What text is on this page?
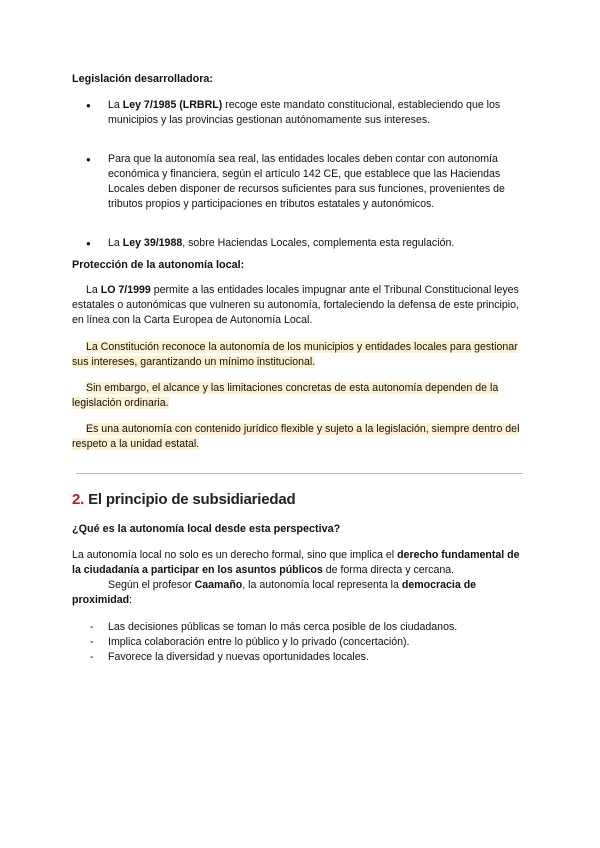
Legislación desarrolladora:
● La Ley 7/1985 (LRBRL) recoge este mandato constitucional, estableciendo que los municipios y las provincias gestionan autónomamente sus intereses.
● Para que la autonomía sea real, las entidades locales deben contar con autonomía económica y financiera, según el artículo 142 CE, que establece que las Haciendas Locales deben disponer de recursos suficientes para sus funciones, provenientes de tributos propios y participaciones en tributos estatales y autonómicos.
● La Ley 39/1988, sobre Haciendas Locales, complementa esta regulación.
Protección de la autonomía local:

La LO 7/1999 permite a las entidades locales impugnar ante el Tribunal Constitucional leyes estatales o autonómicas que vulneren su autonomía, fortaleciendo la defensa de este principio, en línea con la Carta Europea de Autonomía Local.

La Constitución reconoce la autonomía de los municipios y entidades locales para gestionar sus intereses, garantizando un mínimo institucional.

Sin embargo, el alcance y las limitaciones concretas de esta autonomía dependen de la legislación ordinaria.

Es una autonomía con contenido jurídico flexible y sujeto a la legislación, siempre dentro del respeto a la unidad estatal.

2. El principio de subsidiariedad
¿Qué es la autonomía local desde esta perspectiva?

La autonomía local no solo es un derecho formal, sino que implica el derecho fundamental de la ciudadanía a participar en los asuntos públicos de forma directa y cercana.
Según el profesor Caamaño, la autonomía local representa la democracia de proximidad:

- Las decisiones públicas se toman lo más cerca posible de los ciudadanos.
- Implica colaboración entre lo público y lo privado (concertación).
- Favorece la diversidad y nuevas oportunidades locales.
